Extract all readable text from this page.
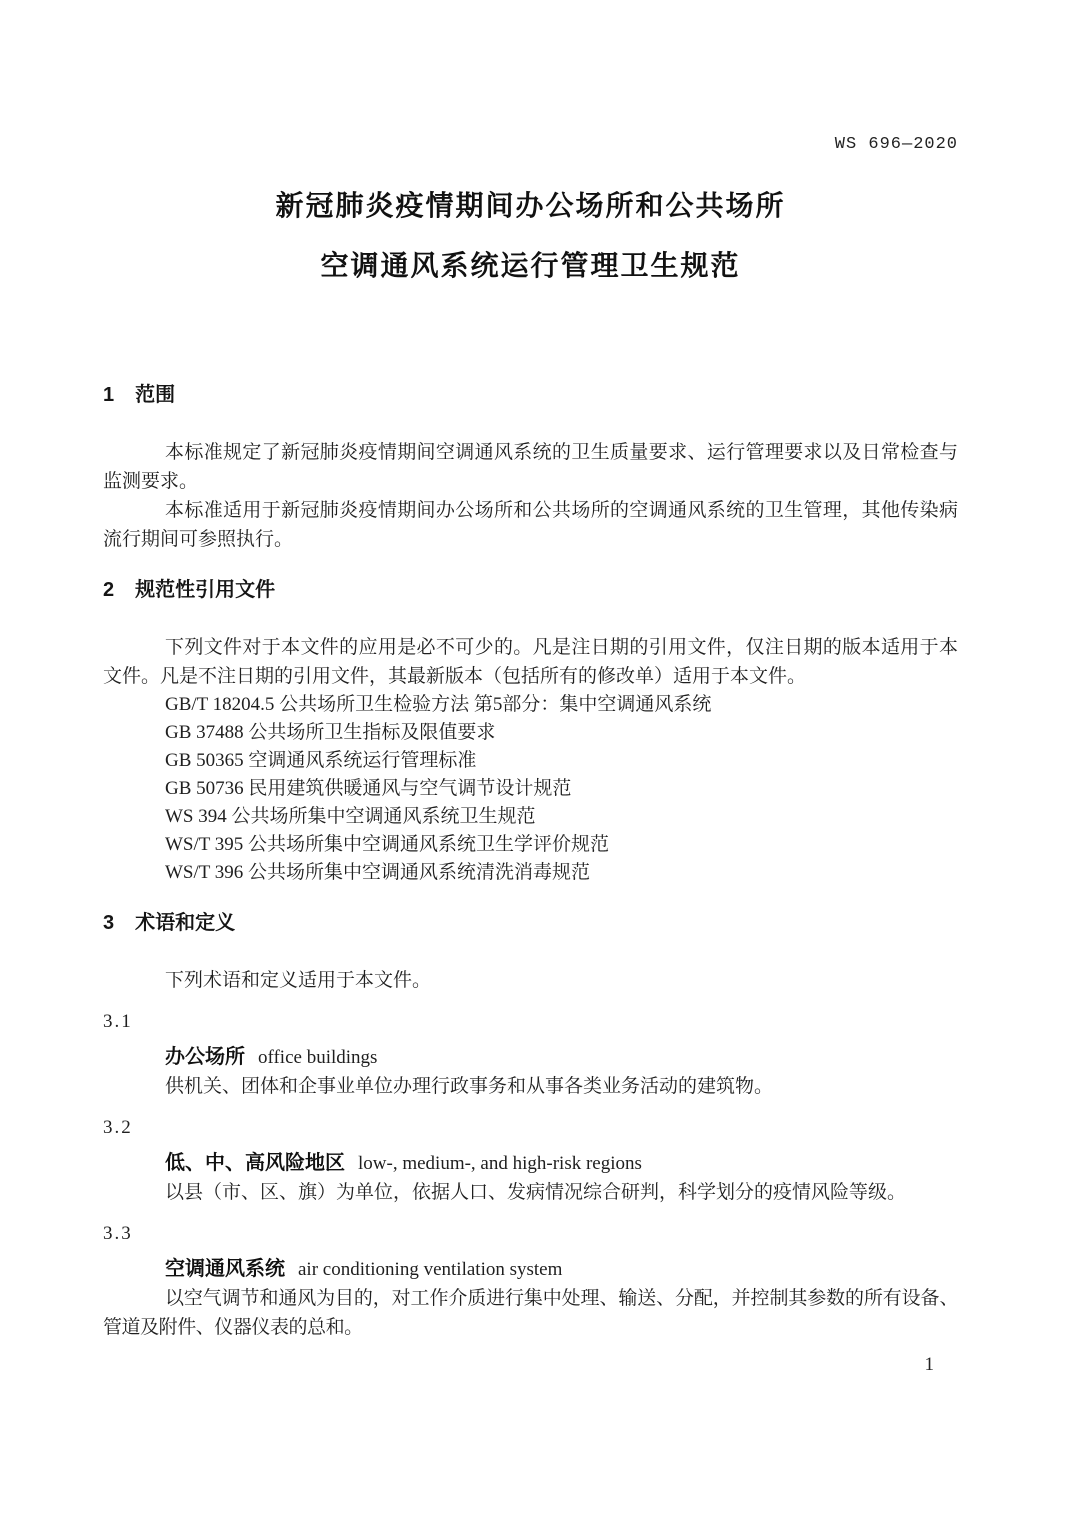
WS 696—2020
新冠肺炎疫情期间办公场所和公共场所
空调通风系统运行管理卫生规范
1 范围

本标准规定了新冠肺炎疫情期间空调通风系统的卫生质量要求、运行管理要求以及日常检查与监测要求。

本标准适用于新冠肺炎疫情期间办公场所和公共场所的空调通风系统的卫生管理，其他传染病流行期间可参照执行。

2 规范性引用文件

下列文件对于本文件的应用是必不可少的。凡是注日期的引用文件，仅注日期的版本适用于本文件。凡是不注日期的引用文件，其最新版本（包括所有的修改单）适用于本文件。

GB/T 18204.5 公共场所卫生检验方法 第5部分：集中空调通风系统
GB 37488 公共场所卫生指标及限值要求
GB 50365 空调通风系统运行管理标准
GB 50736 民用建筑供暖通风与空气调节设计规范
WS 394 公共场所集中空调通风系统卫生规范
WS/T 395 公共场所集中空调通风系统卫生学评价规范
WS/T 396 公共场所集中空调通风系统清洗消毒规范
3 术语和定义

下列术语和定义适用于本文件。

3.1
办公场所 office buildings

供机关、团体和企事业单位办理行政事务和从事各类业务活动的建筑物。

3.2
低、中、高风险地区 low-, medium-, and high-risk regions

以县（市、区、旗）为单位，依据人口、发病情况综合研判，科学划分的疫情风险等级。

3.3
空调通风系统 air conditioning ventilation system

以空气调节和通风为目的，对工作介质进行集中处理、输送、分配，并控制其参数的所有设备、管道及附件、仪器仪表的总和。

1
